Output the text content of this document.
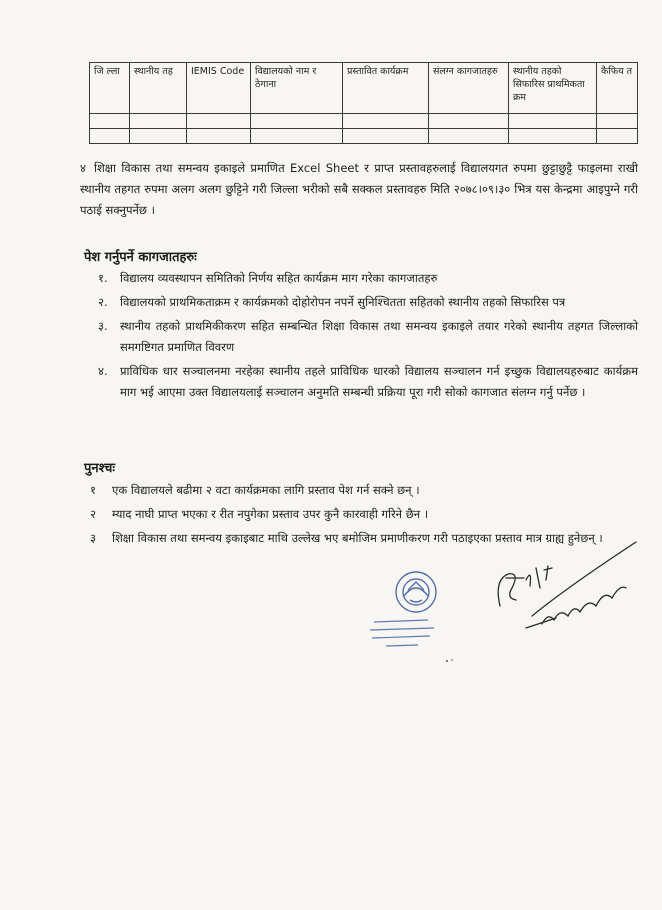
जि ल्ला	स्थानीय तह	IEMIS Code	विद्यालयको नाम र ठेगाना	प्रस्तावित कार्यक्रम	संलग्न कागजातहरु	स्थानीय तहको सिफारिस प्राथमिकता क्रम	कैफिय त

४ शिक्षा विकास तथा समन्वय इकाइले प्रमाणित Excel Sheet र प्राप्त प्रस्तावहरुलाई विद्यालयगत रुपमा छुट्टाछुट्टै फाइलमा राखी स्थानीय तहगत रुपमा अलग अलग छुट्टिने गरी जिल्ला भरीको सबै सक्कल प्रस्तावहरु मिति २०७८।०९।३० भित्र यस केन्द्रमा आइपुग्ने गरी पठाई सक्नुपर्नेछ ।
पेश गर्नुपर्ने कागजातहरुः
१. विद्यालय व्यवस्थापन समितिको निर्णय सहित कार्यक्रम माग गरेका कागजातहरु
२. विद्यालयको प्राथमिकताक्रम र कार्यक्रमको दोहोरोपन नपर्ने सुनिश्चितता सहितको स्थानीय तहको सिफारिस पत्र
३. स्थानीय तहको प्राथमिकीकरण सहित सम्बन्धित शिक्षा विकास तथा समन्वय इकाइले तयार गरेको स्थानीय तहगत जिल्लाको समगष्टिगत प्रमाणित विवरण
४. प्राविधिक धार सञ्चालनमा नरहेका स्थानीय तहले प्राविधिक धारको विद्यालय सञ्चालन गर्न इच्छुक विद्यालयहरुबाट कार्यक्रम माग भई आएमा उक्त विद्यालयलाई सञ्चालन अनुमति सम्बन्धी प्रक्रिया पूरा गरी सोको कागजात संलग्न गर्नु पर्नेछ ।
पुनश्चः
१ एक विद्यालयले बढीमा २ वटा कार्यक्रमका लागि प्रस्ताव पेश गर्न सक्ने छन् ।
२ म्याद नाघी प्राप्त भएका र रीत नपुगेका प्रस्ताव उपर कुनै कारवाही गरिने छैन ।
३ शिक्षा विकास तथा समन्वय इकाइबाट माथि उल्लेख भए बमोजिम प्रमाणीकरण गरी पठाइएका प्रस्ताव मात्र ग्राह्य हुनेछन् ।
